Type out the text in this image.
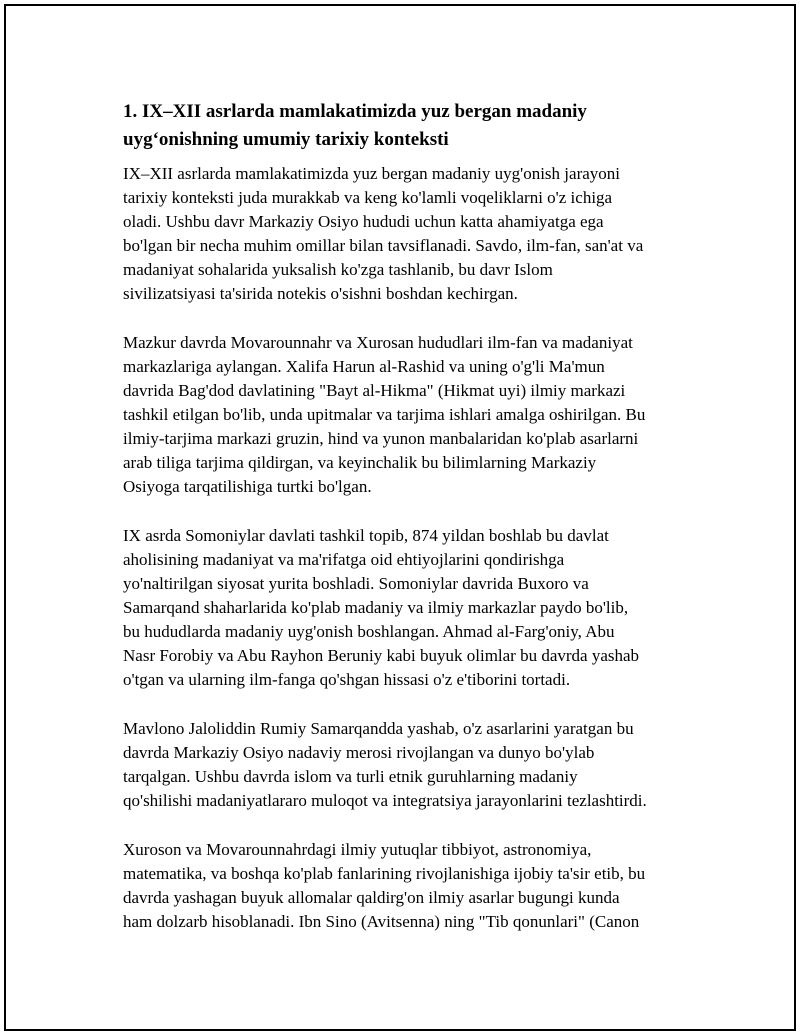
1. IX–XII asrlarda mamlakatimizda yuz bergan madaniy uyg‘onishning umumiy tarixiy konteksti
IX–XII asrlarda mamlakatimizda yuz bergan madaniy uyg'onish jarayoni
tarixiy konteksti juda murakkab va keng ko'lamli voqeliklarni o'z ichiga
oladi. Ushbu davr Markaziy Osiyo hududi uchun katta ahamiyatga ega
bo'lgan bir necha muhim omillar bilan tavsiflanadi. Savdo, ilm-fan, san'at va
madaniyat sohalarida yuksalish ko'zga tashlanib, bu davr Islom
sivilizatsiyasi ta'sirida notekis o'sishni boshdan kechirgan.
Mazkur davrda Movarounnahr va Xurosan hududlari ilm-fan va madaniyat
markazlariga aylangan. Xalifa Harun al-Rashid va uning o'g'li Ma'mun
davrida Bag'dod davlatining "Bayt al-Hikma" (Hikmat uyi) ilmiy markazi
tashkil etilgan bo'lib, unda upitmalar va tarjima ishlari amalga oshirilgan. Bu
ilmiy-tarjima markazi gruzin, hind va yunon manbalaridan ko'plab asarlarni
arab tiliga tarjima qildirgan, va keyinchalik bu bilimlarning Markaziy
Osiyoga tarqatilishiga turtki bo'lgan.
IX asrda Somoniylar davlati tashkil topib, 874 yildan boshlab bu davlat
aholisining madaniyat va ma'rifatga oid ehtiyojlarini qondirishga
yo'naltirilgan siyosat yurita boshladi. Somoniylar davrida Buxoro va
Samarqand shaharlarida ko'plab madaniy va ilmiy markazlar paydo bo'lib,
bu hududlarda madaniy uyg'onish boshlangan. Ahmad al-Farg'oniy, Abu
Nasr Forobiy va Abu Rayhon Beruniy kabi buyuk olimlar bu davrda yashab
o'tgan va ularning ilm-fanga qo'shgan hissasi o'z e'tiborini tortadi.
Mavlono Jaloliddin Rumiy Samarqandda yashab, o'z asarlarini yaratgan bu
davrda Markaziy Osiyo nadaviy merosi rivojlangan va dunyo bo'ylab
tarqalgan. Ushbu davrda islom va turli etnik guruhlarning madaniy
qo'shilishi madaniyatlararo muloqot va integratsiya jarayonlarini tezlashtirdi.
Xuroson va Movarounnahrdagi ilmiy yutuqlar tibbiyot, astronomiya,
matematika, va boshqa ko'plab fanlarining rivojlanishiga ijobiy ta'sir etib, bu
davrda yashagan buyuk allomalar qaldirg'on ilmiy asarlar bugungi kunda
ham dolzarb hisoblanadi. Ibn Sino (Avitsenna) ning "Tib qonunlari" (Canon
